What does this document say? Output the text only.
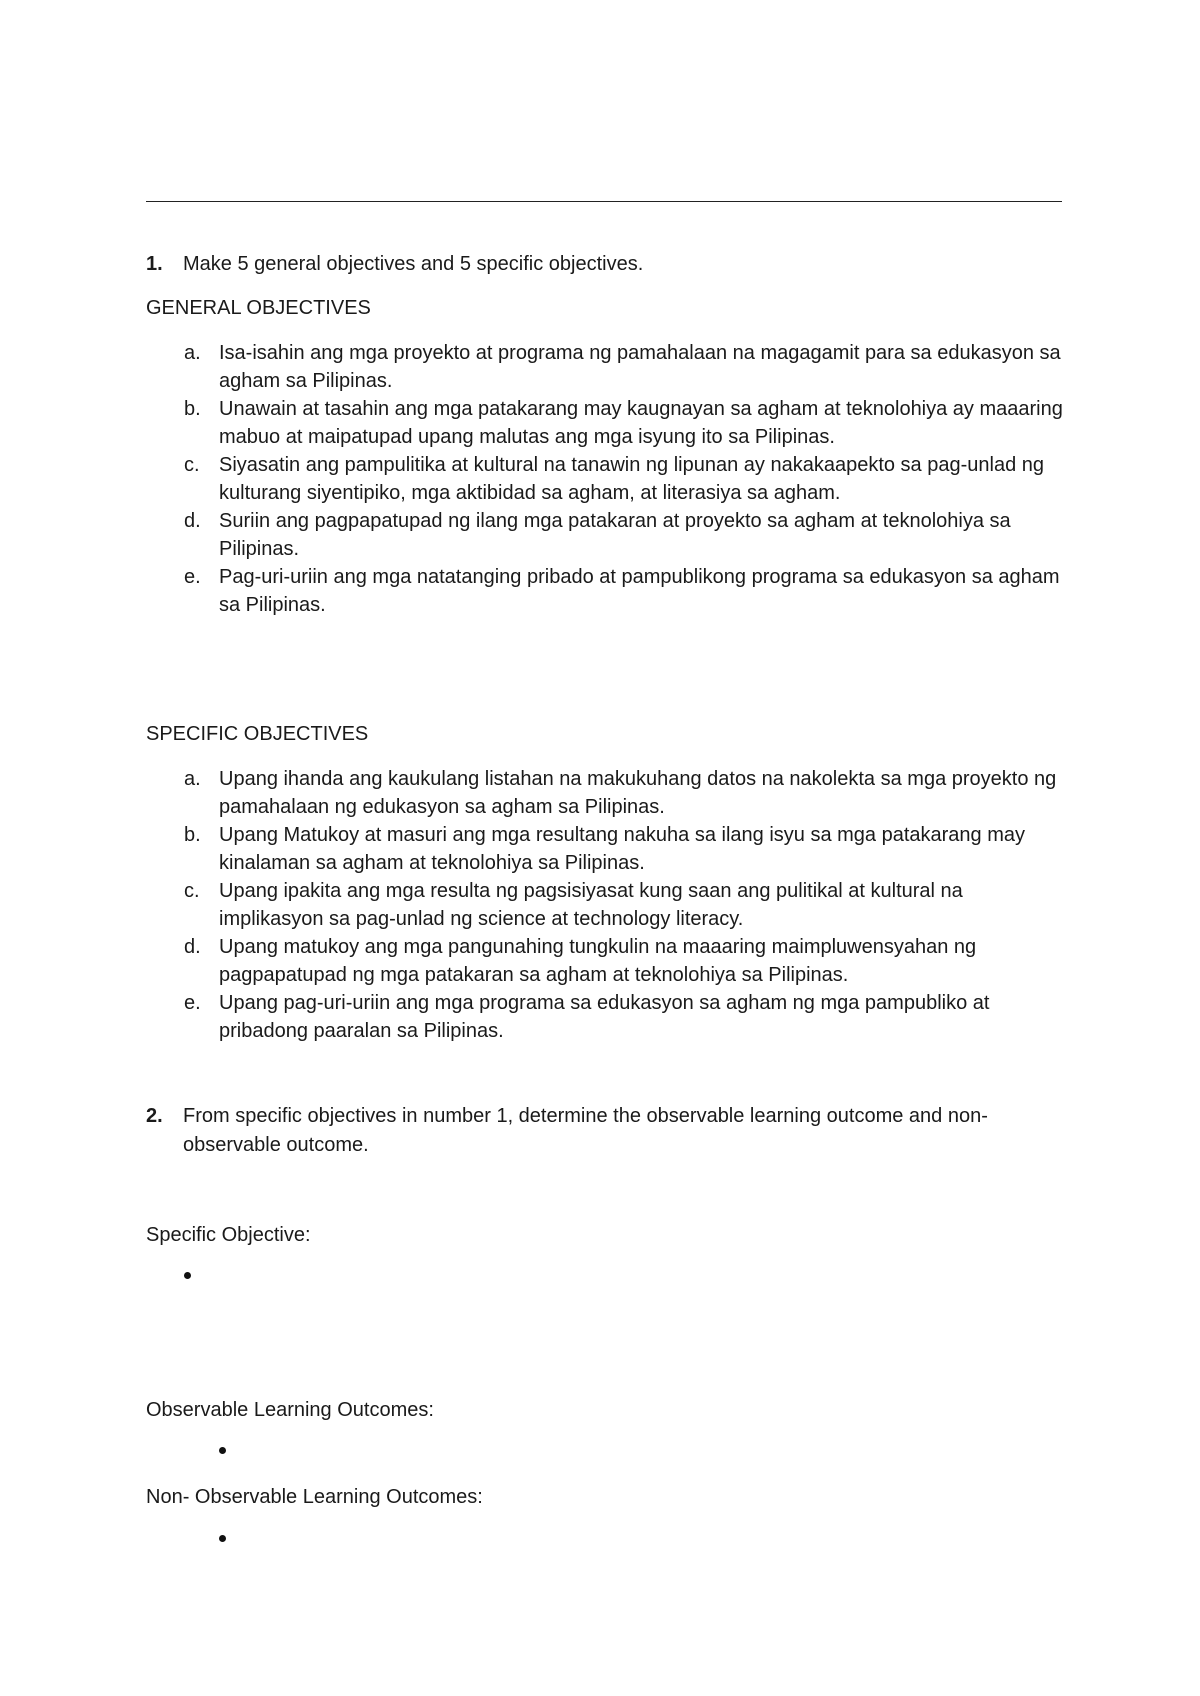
1. Make 5 general objectives and 5 specific objectives.
GENERAL OBJECTIVES
a. Isa-isahin ang mga proyekto at programa ng pamahalaan na magagamit para sa edukasyon sa agham sa Pilipinas.
b. Unawain at tasahin ang mga patakarang may kaugnayan sa agham at teknolohiya ay maaaring mabuo at maipatupad upang malutas ang mga isyung ito sa Pilipinas.
c. Siyasatin ang pampulitika at kultural na tanawin ng lipunan ay nakakaapekto sa pag-unlad ng kulturang siyentipiko, mga aktibidad sa agham, at literasiya sa agham.
d. Suriin ang pagpapatupad ng ilang mga patakaran at proyekto sa agham at teknolohiya sa Pilipinas.
e. Pag-uri-uriin ang mga natatanging pribado at pampublikong programa sa edukasyon sa agham sa Pilipinas.
SPECIFIC OBJECTIVES
a. Upang ihanda ang kaukulang listahan na makukuhang datos na nakolekta sa mga proyekto ng pamahalaan ng edukasyon sa agham sa Pilipinas.
b. Upang Matukoy at masuri ang mga resultang nakuha sa ilang isyu sa mga patakarang may kinalaman sa agham at teknolohiya sa Pilipinas.
c. Upang ipakita ang mga resulta ng pagsisiyasat kung saan ang pulitikal at kultural na implikasyon sa pag-unlad ng science at technology literacy.
d. Upang matukoy ang mga pangunahing tungkulin na maaaring maimpluwensyahan ng pagpapatupad ng mga patakaran sa agham at teknolohiya sa Pilipinas.
e. Upang pag-uri-uriin ang mga programa sa edukasyon sa agham ng mga pampubliko at pribadong paaralan sa Pilipinas.
2. From specific objectives in number 1, determine the observable learning outcome and non-observable outcome.
Specific Objective:
Observable Learning Outcomes:
Non- Observable Learning Outcomes:
